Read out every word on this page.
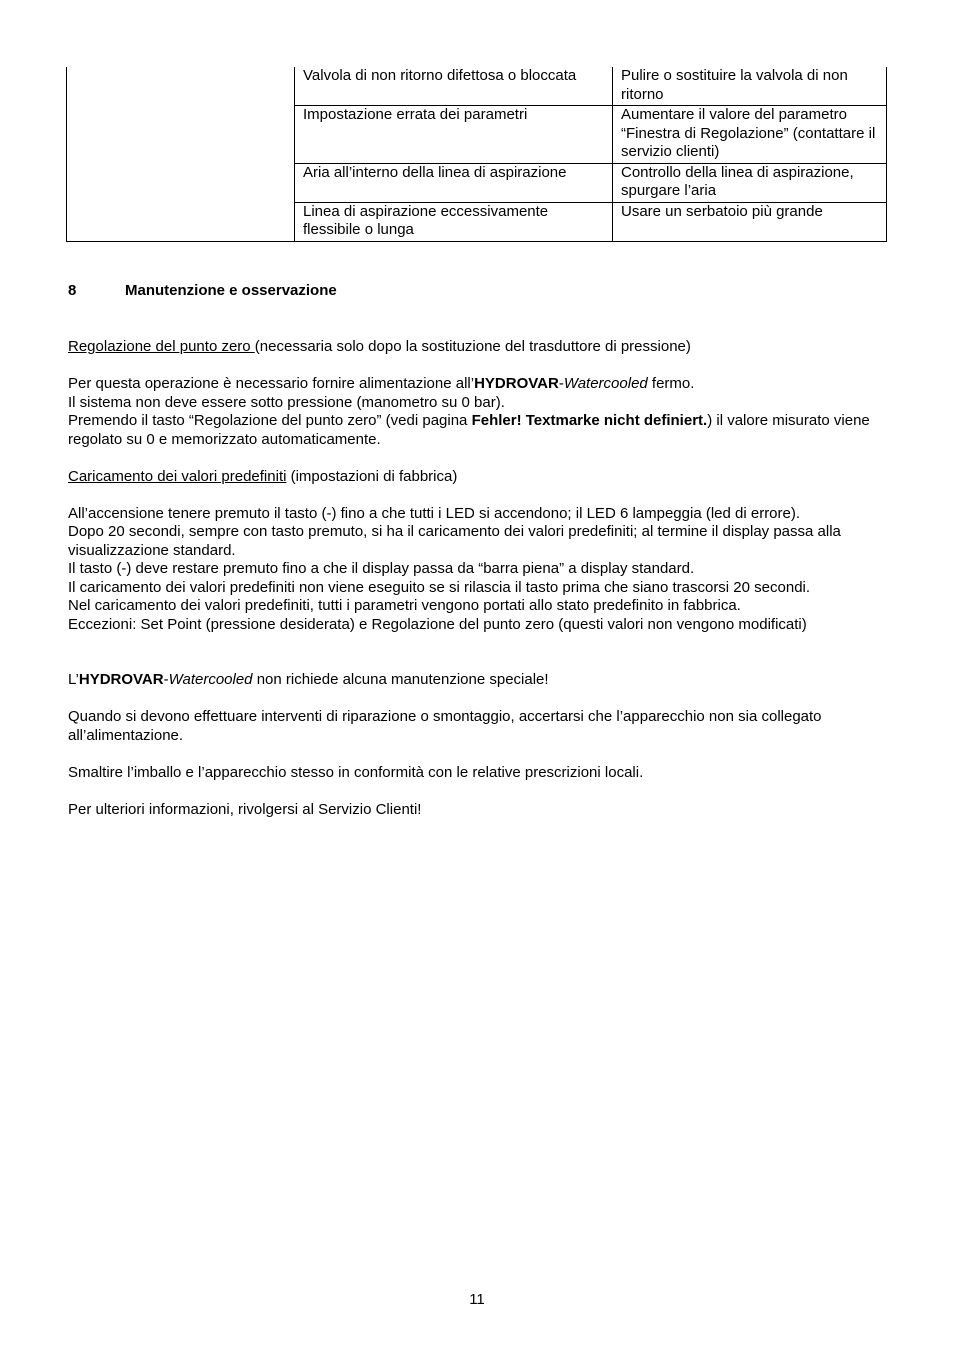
	Valvola di non ritorno difettosa o bloccata	Pulire o sostituire la valvola di non ritorno
	Impostazione errata dei parametri	Aumentare il valore del parametro “Finestra di Regolazione” (contattare il servizio clienti)
	Aria all’interno della linea di aspirazione	Controllo della linea di aspirazione, spurgare l’aria
	Linea di aspirazione eccessivamente flessibile o lunga	Usare un serbatoio più grande
8	Manutenzione e osservazione

Regolazione del punto zero (necessaria solo dopo la sostituzione del trasduttore di pressione)

Per questa operazione è necessario fornire alimentazione all’HYDROVAR-Watercooled fermo.
Il sistema non deve essere sotto pressione (manometro su 0 bar).
Premendo il tasto “Regolazione del punto zero” (vedi pagina Fehler! Textmarke nicht definiert.) il valore misurato viene regolato su 0 e memorizzato automaticamente.

Caricamento dei valori predefiniti (impostazioni di fabbrica)

All’accensione tenere premuto il tasto (-) fino a che tutti i LED si accendono; il LED 6 lampeggia (led di errore).
Dopo 20 secondi, sempre con tasto premuto, si ha il caricamento dei valori predefiniti; al termine il display passa alla visualizzazione standard.
Il tasto (-) deve restare premuto fino a che il display passa da “barra piena” a display standard.
Il caricamento dei valori predefiniti non viene eseguito se si rilascia il tasto prima che siano trascorsi 20 secondi.
Nel caricamento dei valori predefiniti, tutti i parametri vengono portati allo stato predefinito in fabbrica.
Eccezioni: Set Point (pressione desiderata) e Regolazione del punto zero (questi valori non vengono modificati)

L’HYDROVAR-Watercooled non richiede alcuna manutenzione speciale!

Quando si devono effettuare interventi di riparazione o smontaggio, accertarsi che l’apparecchio non sia collegato all’alimentazione.

Smaltire l’imballo e l’apparecchio stesso in conformità con le relative prescrizioni locali.

Per ulteriori informazioni, rivolgersi al Servizio Clienti!

11
